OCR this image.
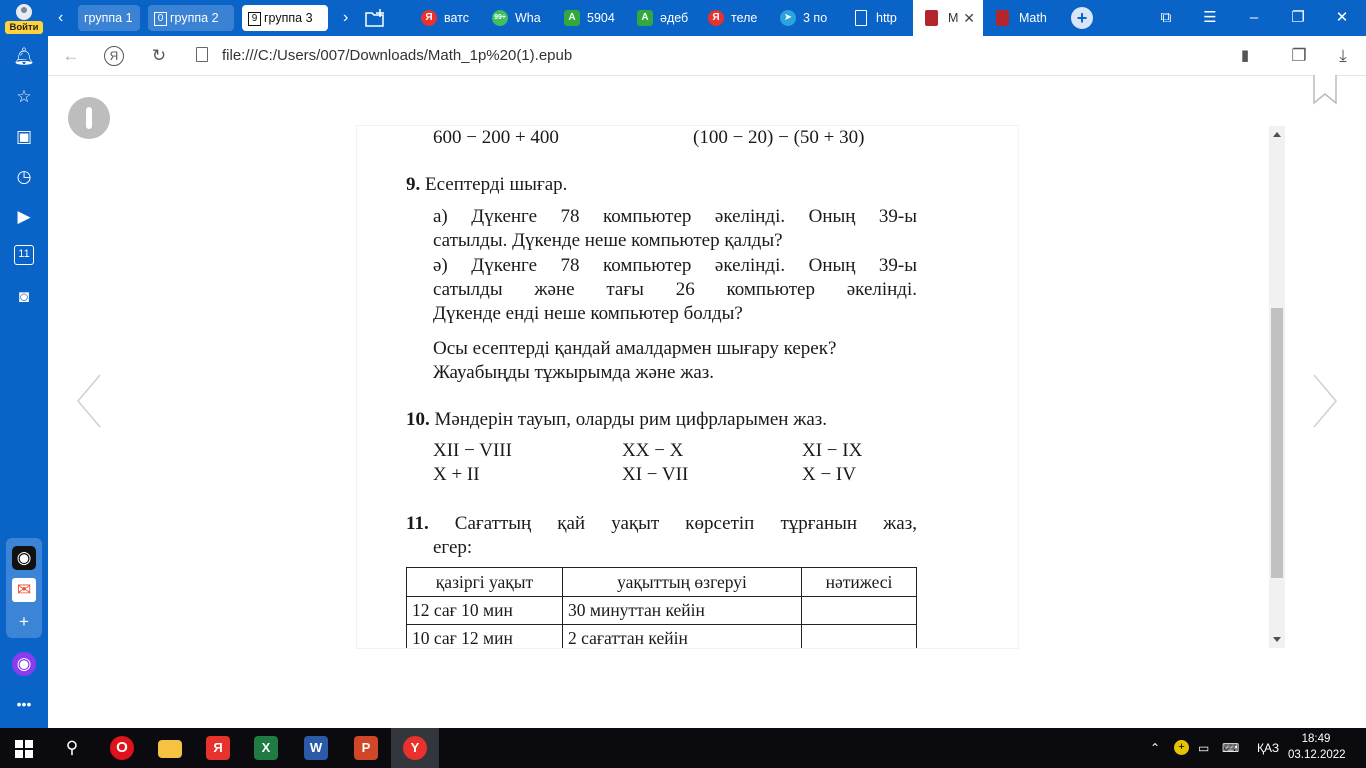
Войти
‹	группа 1	0 группа 2	9 группа 3	›	Я ватс	99+ Wha	A 5904	A әдеб	Я теле	➤ 3 по	http	M ✕	Math	+	⧉	☰	–	❐	✕
🔔︎
☆
▣
◷
▶
11
◙
◉
✉
+
◉
•••
←	Я	↻	file:///C:/Users/007/Downloads/Math_1p%20(1).epub	▮	❐	⤓
600 − 200 + 400	(100 − 20) − (50 + 30)
9. Есептерді шығар.
а) Дүкенге 78 компьютер әкелінді. Оның 39-ы
сатылды. Дүкенде неше компьютер қалды?
ә) Дүкенге 78 компьютер әкелінді. Оның 39-ы
сатылды және тағы 26 компьютер әкелінді.
Дүкенде енді неше компьютер болды?
Осы есептерді қандай амалдармен шығару керек?
Жауабыңды тұжырымда және жаз.
10. Мәндерін тауып, оларды рим цифрларымен жаз.
XII − VIII	XX − X	XI − IX
X + II	XI − VII	X − IV
11. Сағаттың қай уақыт көрсетіп тұрғанын жаз,
егер:
қазіргі уақыт	уақыттың өзгеруі	нәтижесі
12 сағ 10 мин	30 минуттан кейін	
10 сағ 12 мин	2 сағаттан кейін	
⚲	O	Я	X	W	P	Y	⌃	+	▭ ⌨ ҚАЗ
18:49
03.12.2022
